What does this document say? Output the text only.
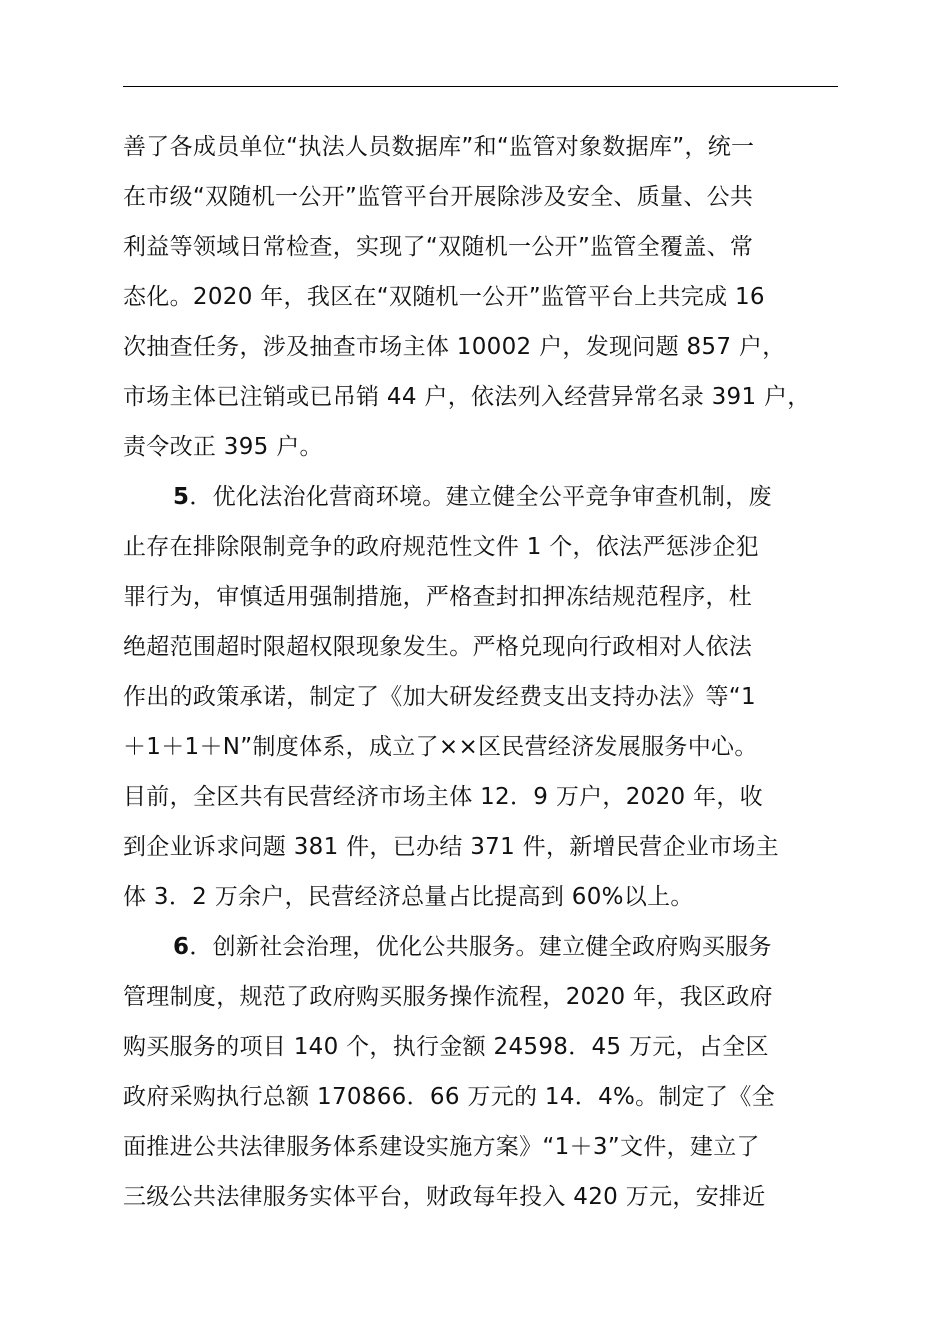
善了各成员单位“执法人员数据库”和“监管对象数据库”，统一
在市级“双随机一公开”监管平台开展除涉及安全、质量、公共
利益等领域日常检查，实现了“双随机一公开”监管全覆盖、常
态化。2020 年，我区在“双随机一公开”监管平台上共完成 16
次抽查任务，涉及抽查市场主体 10002 户，发现问题 857 户，
市场主体已注销或已吊销 44 户，依法列入经营异常名录 391 户，
责令改正 395 户。
5．优化法治化营商环境。建立健全公平竞争审查机制，废
止存在排除限制竞争的政府规范性文件 1 个，依法严惩涉企犯
罪行为，审慎适用强制措施，严格查封扣押冻结规范程序，杜
绝超范围超时限超权限现象发生。严格兑现向行政相对人依法
作出的政策承诺，制定了《加大研发经费支出支持办法》等“1
＋1＋1＋N”制度体系，成立了××区民营经济发展服务中心。
目前，全区共有民营经济市场主体 12．9 万户，2020 年，收
到企业诉求问题 381 件，已办结 371 件，新增民营企业市场主
体 3．2 万余户，民营经济总量占比提高到 60%以上。
6．创新社会治理，优化公共服务。建立健全政府购买服务
管理制度，规范了政府购买服务操作流程，2020 年，我区政府
购买服务的项目 140 个，执行金额 24598．45 万元，占全区
政府采购执行总额 170866．66 万元的 14．4%。制定了《全
面推进公共法律服务体系建设实施方案》“1＋3”文件，建立了
三级公共法律服务实体平台，财政每年投入 420 万元，安排近
